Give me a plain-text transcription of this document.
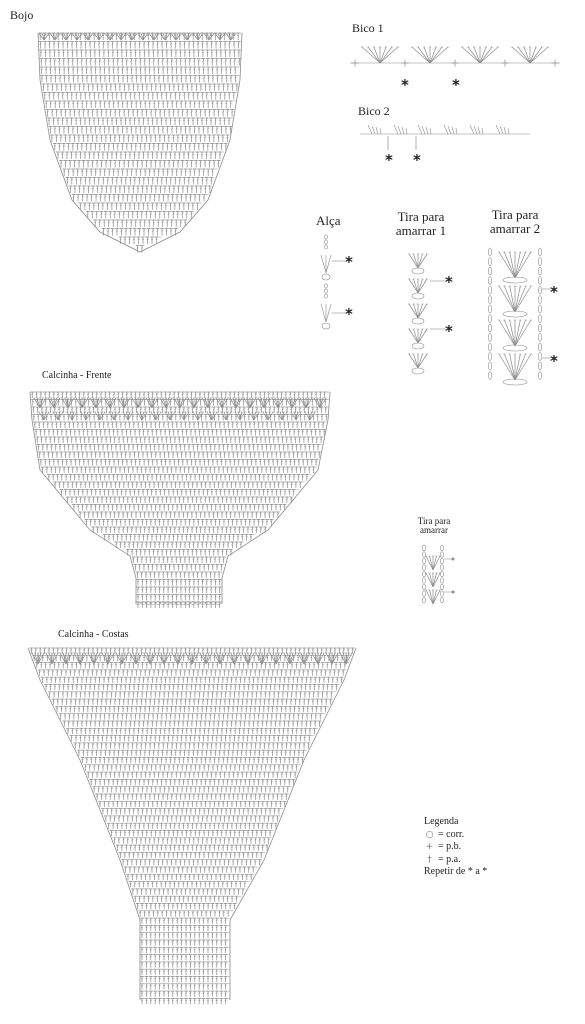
Bojo
Bico 1
Bico 2
Alça	Tira para
amarrar 1
Tira para
amarrar 2
Calcinha - Frente
Tira para
amarrar
Calcinha - Costas
*	*
* *
*
*
*
*
*
*
Legenda
○ = corr.
+ = p.b.
† = p.a.
Repetir de * a *
